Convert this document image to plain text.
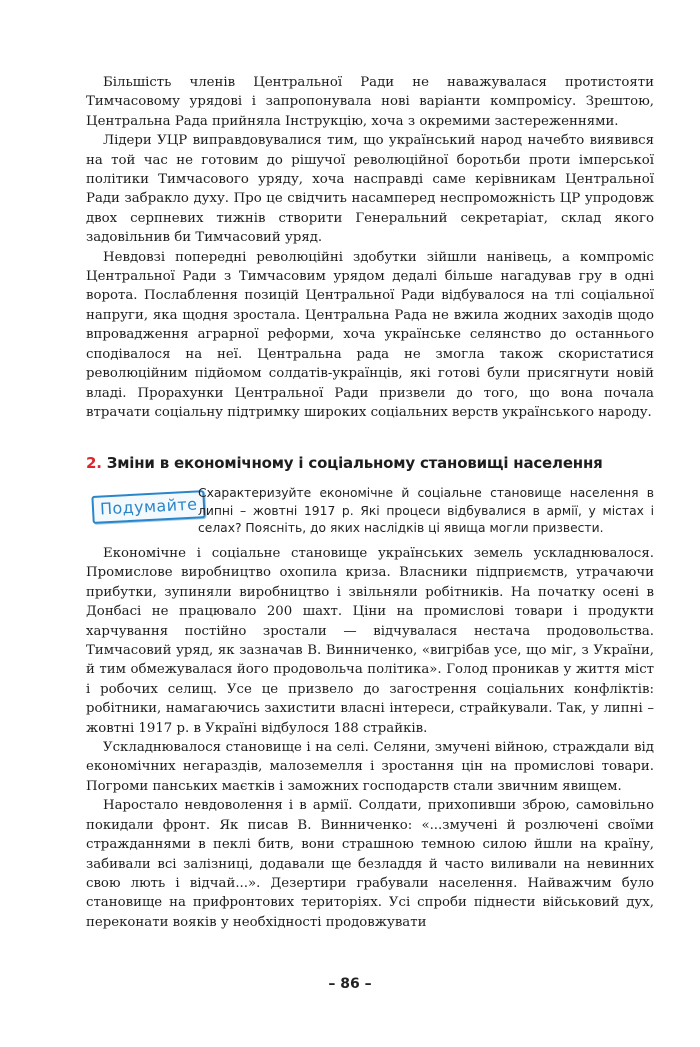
Більшість членів Центральної Ради не наважувалася протистояти Тимчасовому урядові і запропонувала нові варіанти компромісу. Зрештою, Центральна Рада прийняла Інструкцію, хоча з окремими застереженнями.

Лідери УЦР виправдовувалися тим, що український народ начебто виявився на той час не готовим до рішучої революційної боротьби проти імперської політики Тимчасового уряду, хоча насправді саме керівникам Центральної Ради забракло духу. Про це свідчить насамперед неспроможність ЦР упродовж двох серпневих тижнів створити Генеральний секретаріат, склад якого задовільнив би Тимчасовий уряд.

Невдовзі попередні революційні здобутки зійшли нанівець, а компроміс Центральної Ради з Тимчасовим урядом дедалі більше нагадував гру в одні ворота. Послаблення позицій Центральної Ради відбувалося на тлі соціальної напруги, яка щодня зростала. Центральна Рада не вжила жодних заходів щодо впровадження аграрної реформи, хоча українське селянство до останнього сподівалося на неї. Центральна рада не змогла також скористатися революційним підйомом солдатів-українців, які готові були присягнути новій владі. Прорахунки Центральної Ради призвели до того, що вона почала втрачати соціальну підтримку широких соціальних верств українського народу.

2. Зміни в економічному і соціальному становищі населення
Подумайте
Схарактеризуйте економічне й соціальне становище населення в липні – жовтні 1917 р. Які процеси відбувалися в армії, у містах і селах? Поясніть, до яких наслідків ці явища могли призвести.

Економічне і соціальне становище українських земель ускладнювалося. Промислове виробництво охопила криза. Власники підприємств, утрачаючи прибутки, зупиняли виробництво і звільняли робітників. На початку осені в Донбасі не працювало 200 шахт. Ціни на промислові товари і продукти харчування постійно зростали — відчувалася нестача продовольства. Тимчасовий уряд, як зазначав В. Винниченко, «вигрібав усе, що міг, з України, й тим обмежувалася його продовольча політика». Голод проникав у життя міст і робочих селищ. Усе це призвело до загострення соціальних конфліктів: робітники, намагаючись захистити власні інтереси, страйкували. Так, у липні – жовтні 1917 р. в Україні відбулося 188 страйків.

Ускладнювалося становище і на селі. Селяни, змучені війною, страждали від економічних негараздів, малоземелля і зростання цін на промислові товари. Погроми панських маєтків і заможних господарств стали звичним явищем.

Наростало невдоволення і в армії. Солдати, прихопивши зброю, самовільно покидали фронт. Як писав В. Винниченко: «...змучені й розлючені своїми стражданнями в пеклі битв, вони страшною темною силою йшли на країну, забивали всі залізниці, додавали ще безладдя й часто виливали на невинних свою лють і відчай...». Дезертири грабували населення. Найважчим було становище на прифронтових територіях. Усі спроби піднести військовий дух, переконати вояків у необхідності продовжувати

– 86 –
